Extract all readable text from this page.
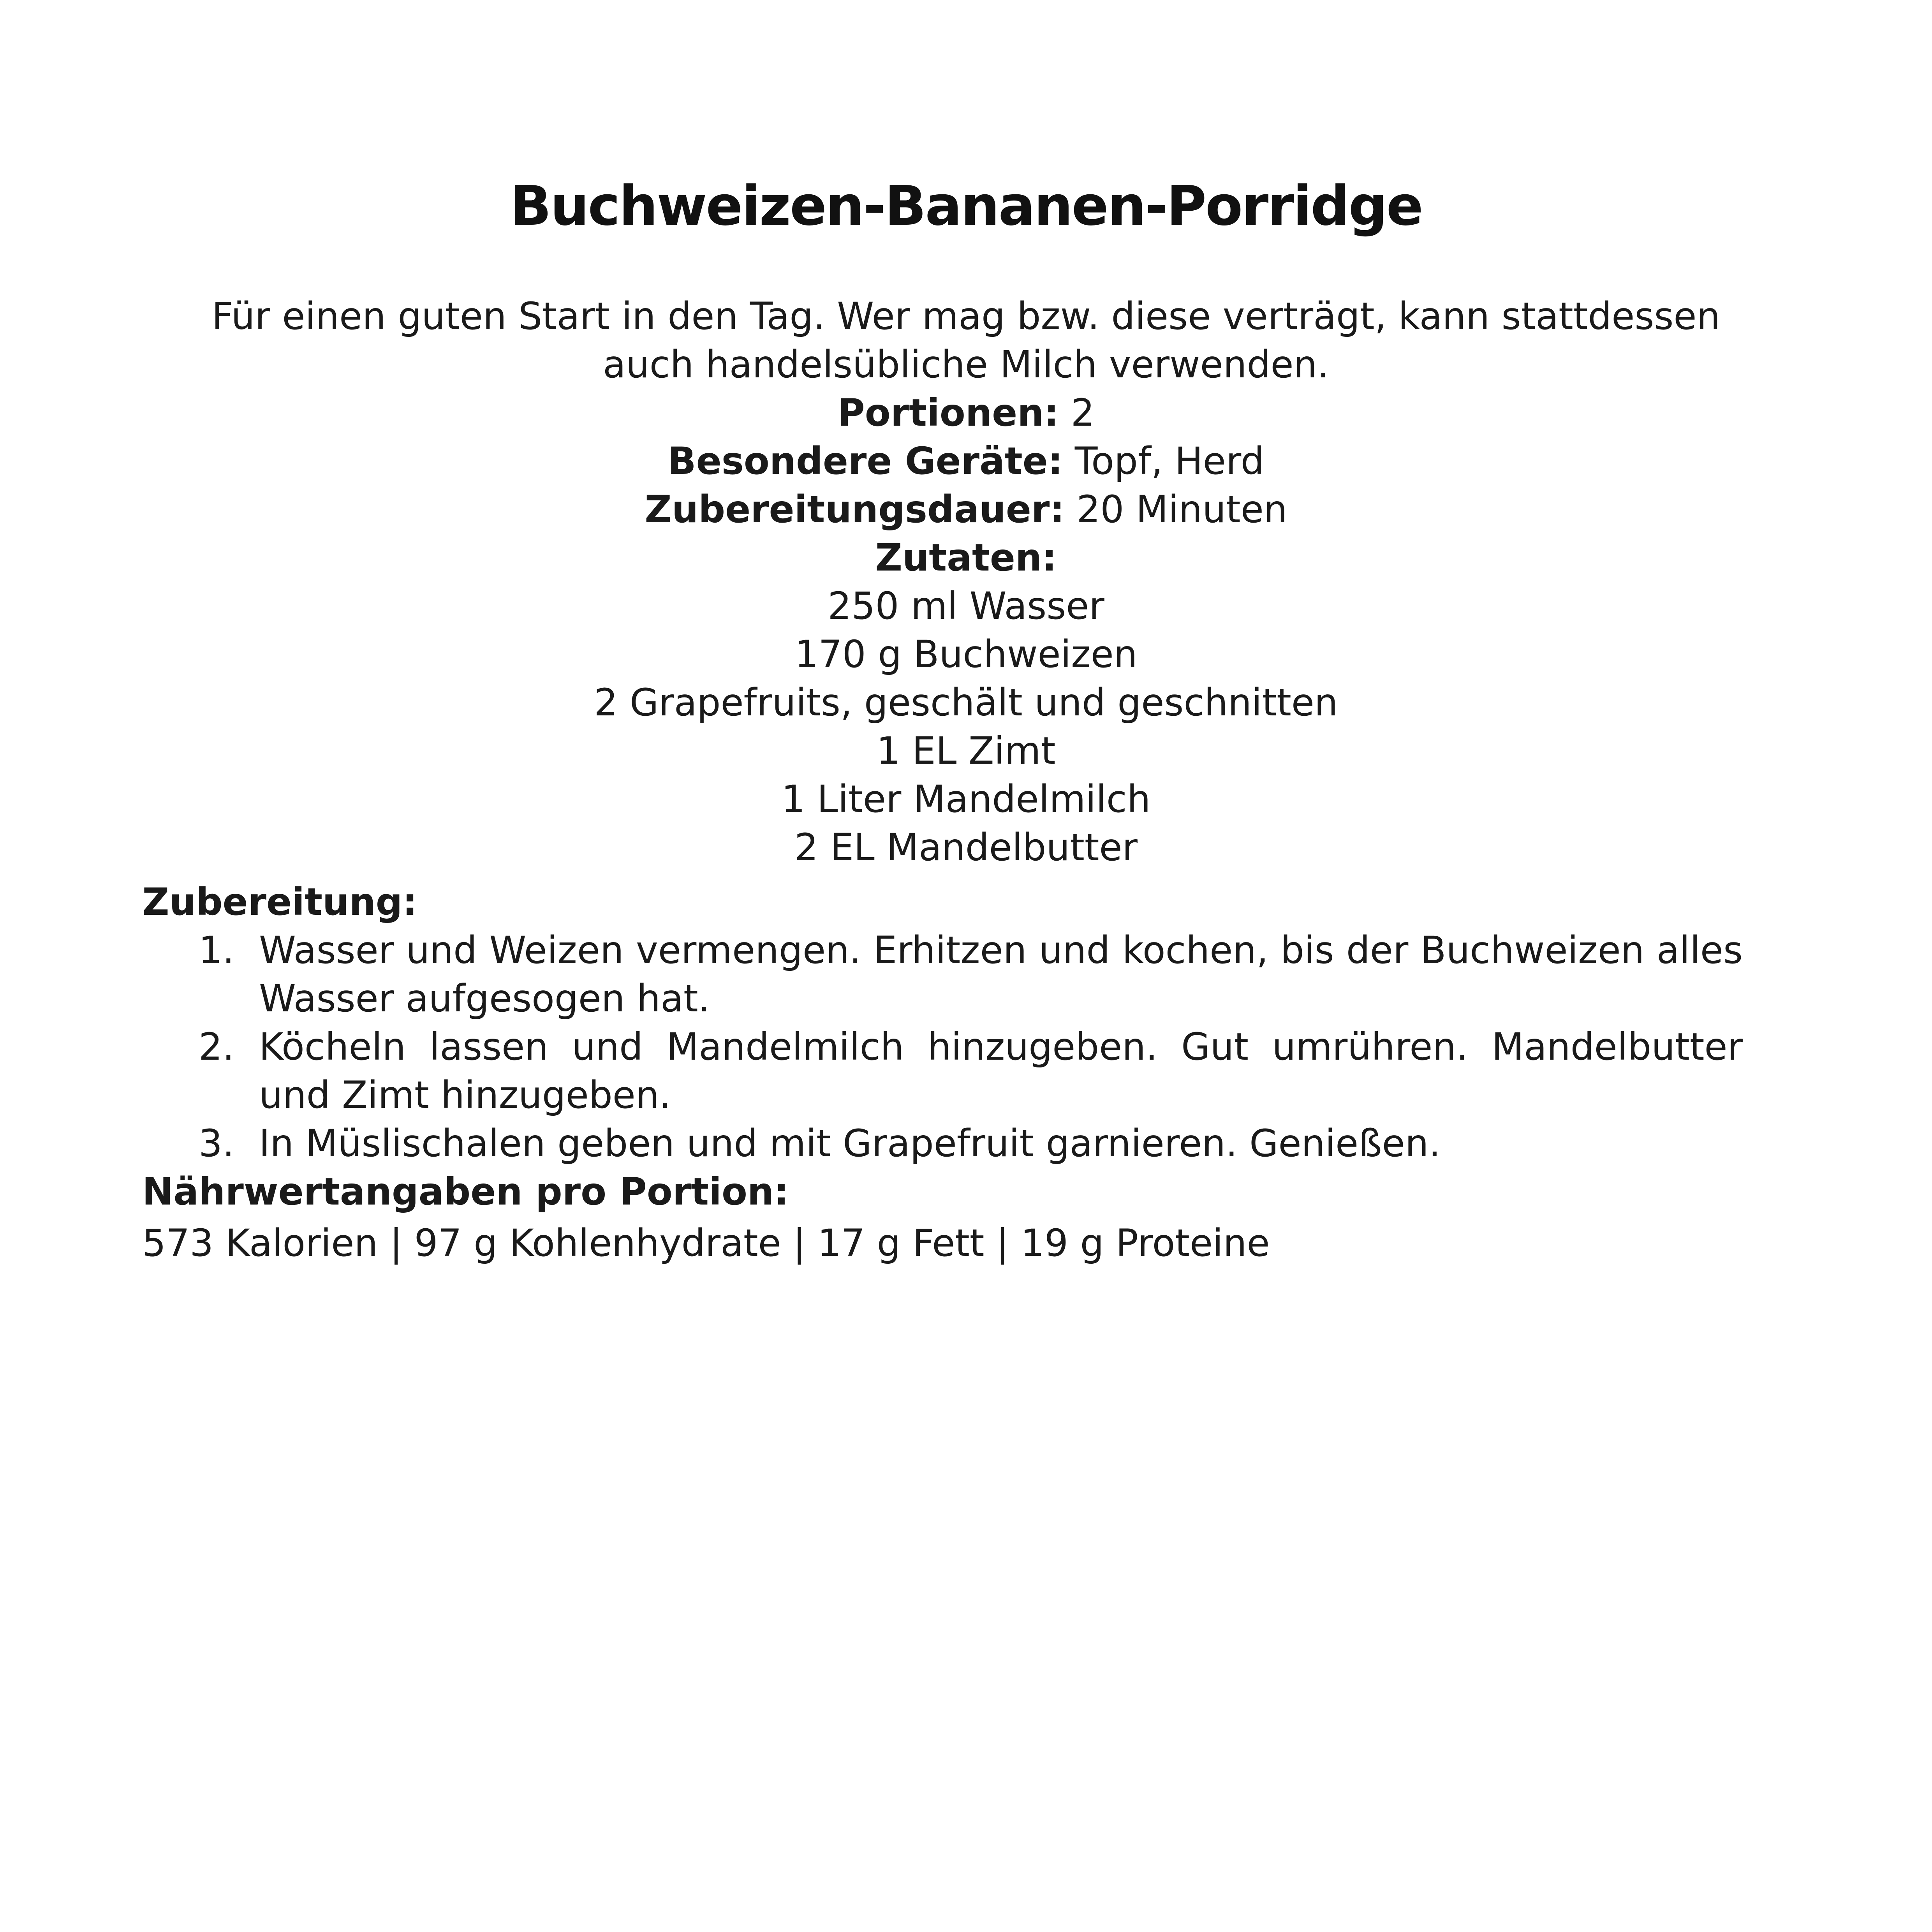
Buchweizen-Bananen-Porridge
Für einen guten Start in den Tag. Wer mag bzw. diese verträgt, kann stattdessen auch handelsübliche Milch verwenden.
Portionen: 2
Besondere Geräte: Topf, Herd
Zubereitungsdauer: 20 Minuten
Zutaten:
250 ml Wasser
170 g Buchweizen
2 Grapefruits, geschält und geschnitten
1 EL Zimt
1 Liter Mandelmilch
2 EL Mandelbutter
Zubereitung:
1. Wasser und Weizen vermengen. Erhitzen und kochen, bis der Buchweizen alles Wasser aufgesogen hat.
2. Köcheln lassen und Mandelmilch hinzugeben. Gut umrühren. Mandelbutter und Zimt hinzugeben.
3. In Müslischalen geben und mit Grapefruit garnieren. Genießen.
Nährwertangaben pro Portion:
573 Kalorien | 97 g Kohlenhydrate | 17 g Fett | 19 g Proteine
